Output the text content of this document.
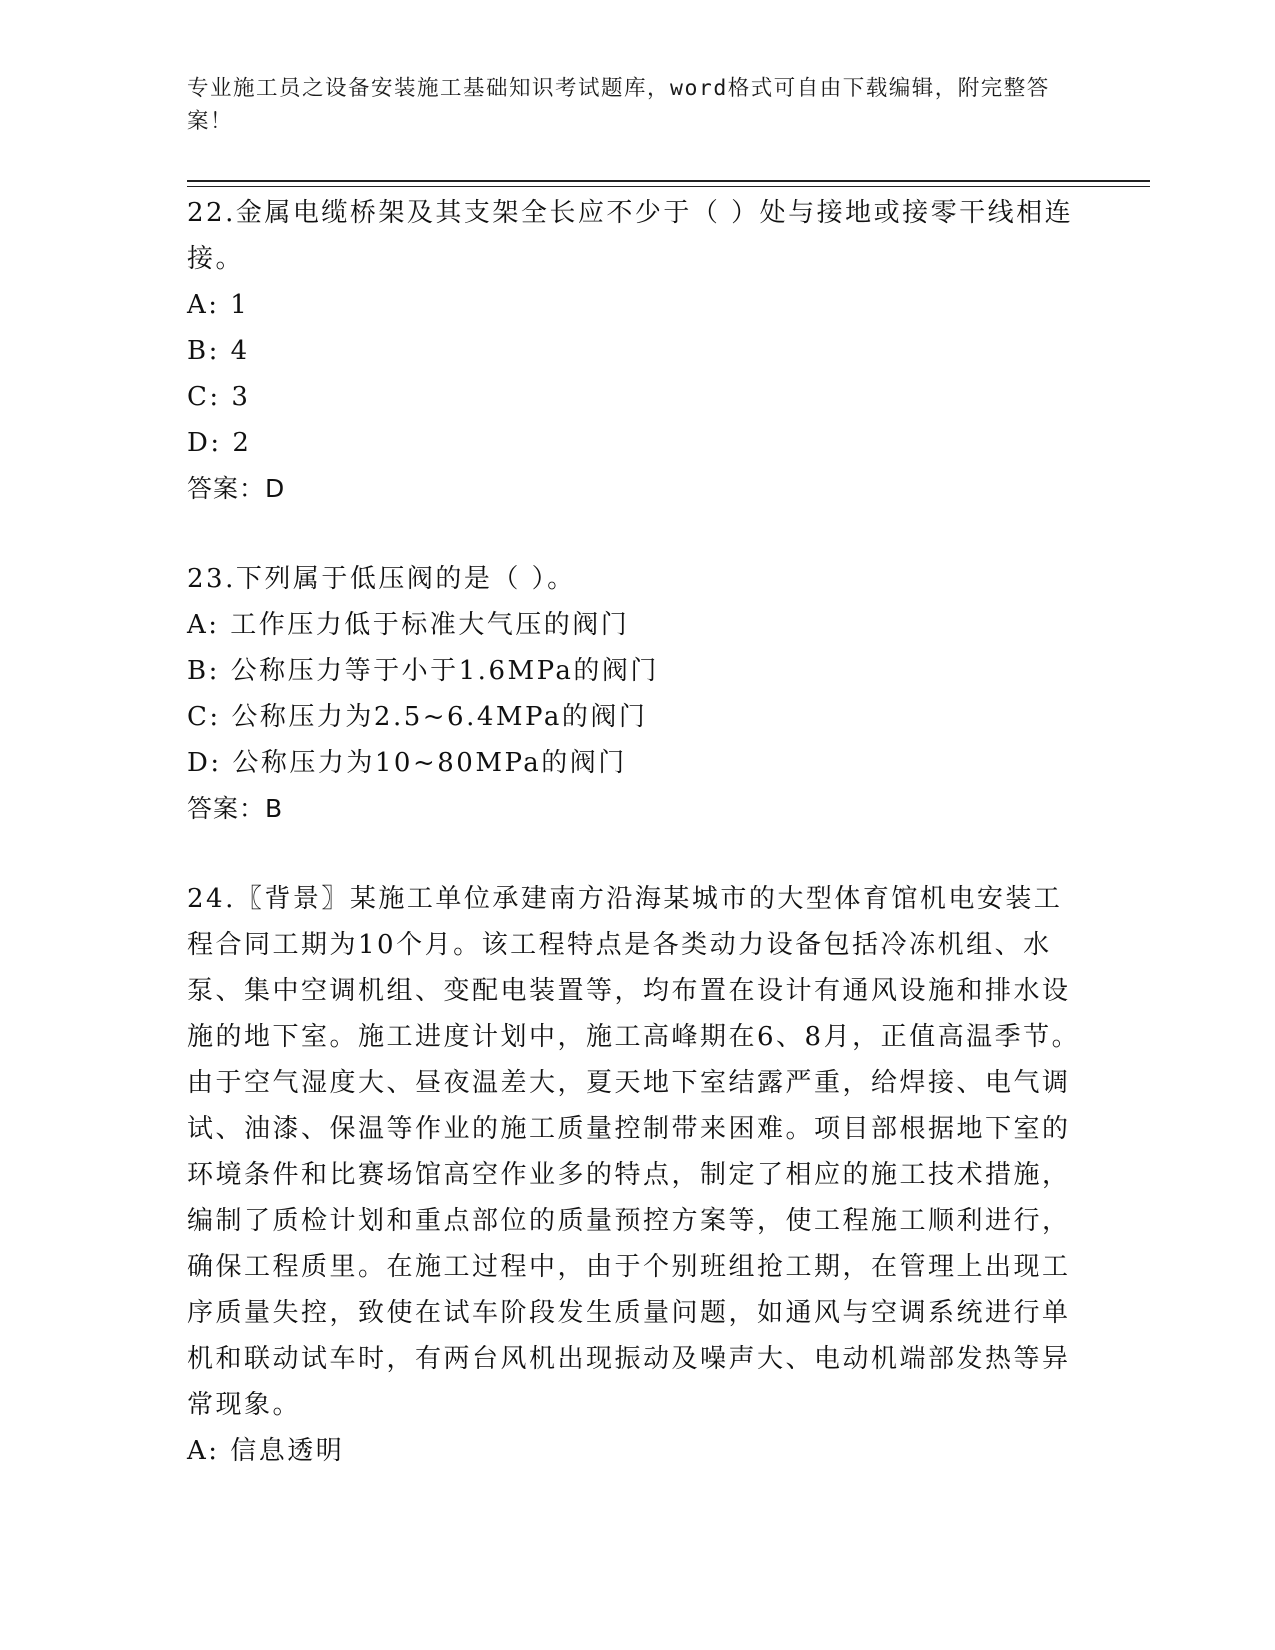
专业施工员之设备安装施工基础知识考试题库，word格式可自由下载编辑，附完整答案！

22.金属电缆桥架及其支架全长应不少于（ ）处与接地或接零干线相连接。

A: 1

B: 4

C: 3

D: 2

答案：D

23.下列属于低压阀的是（ ）。

A: 工作压力低于标准大气压的阀门

B: 公称压力等于小于1.6MPa的阀门

C: 公称压力为2.5~6.4MPa的阀门

D: 公称压力为10~80MPa的阀门

答案：B

24.〖背景〗某施工单位承建南方沿海某城市的大型体育馆机电安装工程合同工期为10个月。该工程特点是各类动力设备包括冷冻机组、水泵、集中空调机组、变配电装置等，均布置在设计有通风设施和排水设施的地下室。施工进度计划中，施工高峰期在6、8月，正值高温季节。由于空气湿度大、昼夜温差大，夏天地下室结露严重，给焊接、电气调试、油漆、保温等作业的施工质量控制带来困难。项目部根据地下室的环境条件和比赛场馆高空作业多的特点，制定了相应的施工技术措施，编制了质检计划和重点部位的质量预控方案等，使工程施工顺利进行，确保工程质里。在施工过程中，由于个别班组抢工期，在管理上出现工序质量失控，致使在试车阶段发生质量问题，如通风与空调系统进行单机和联动试车时，有两台风机出现振动及噪声大、电动机端部发热等异常现象。

A: 信息透明
